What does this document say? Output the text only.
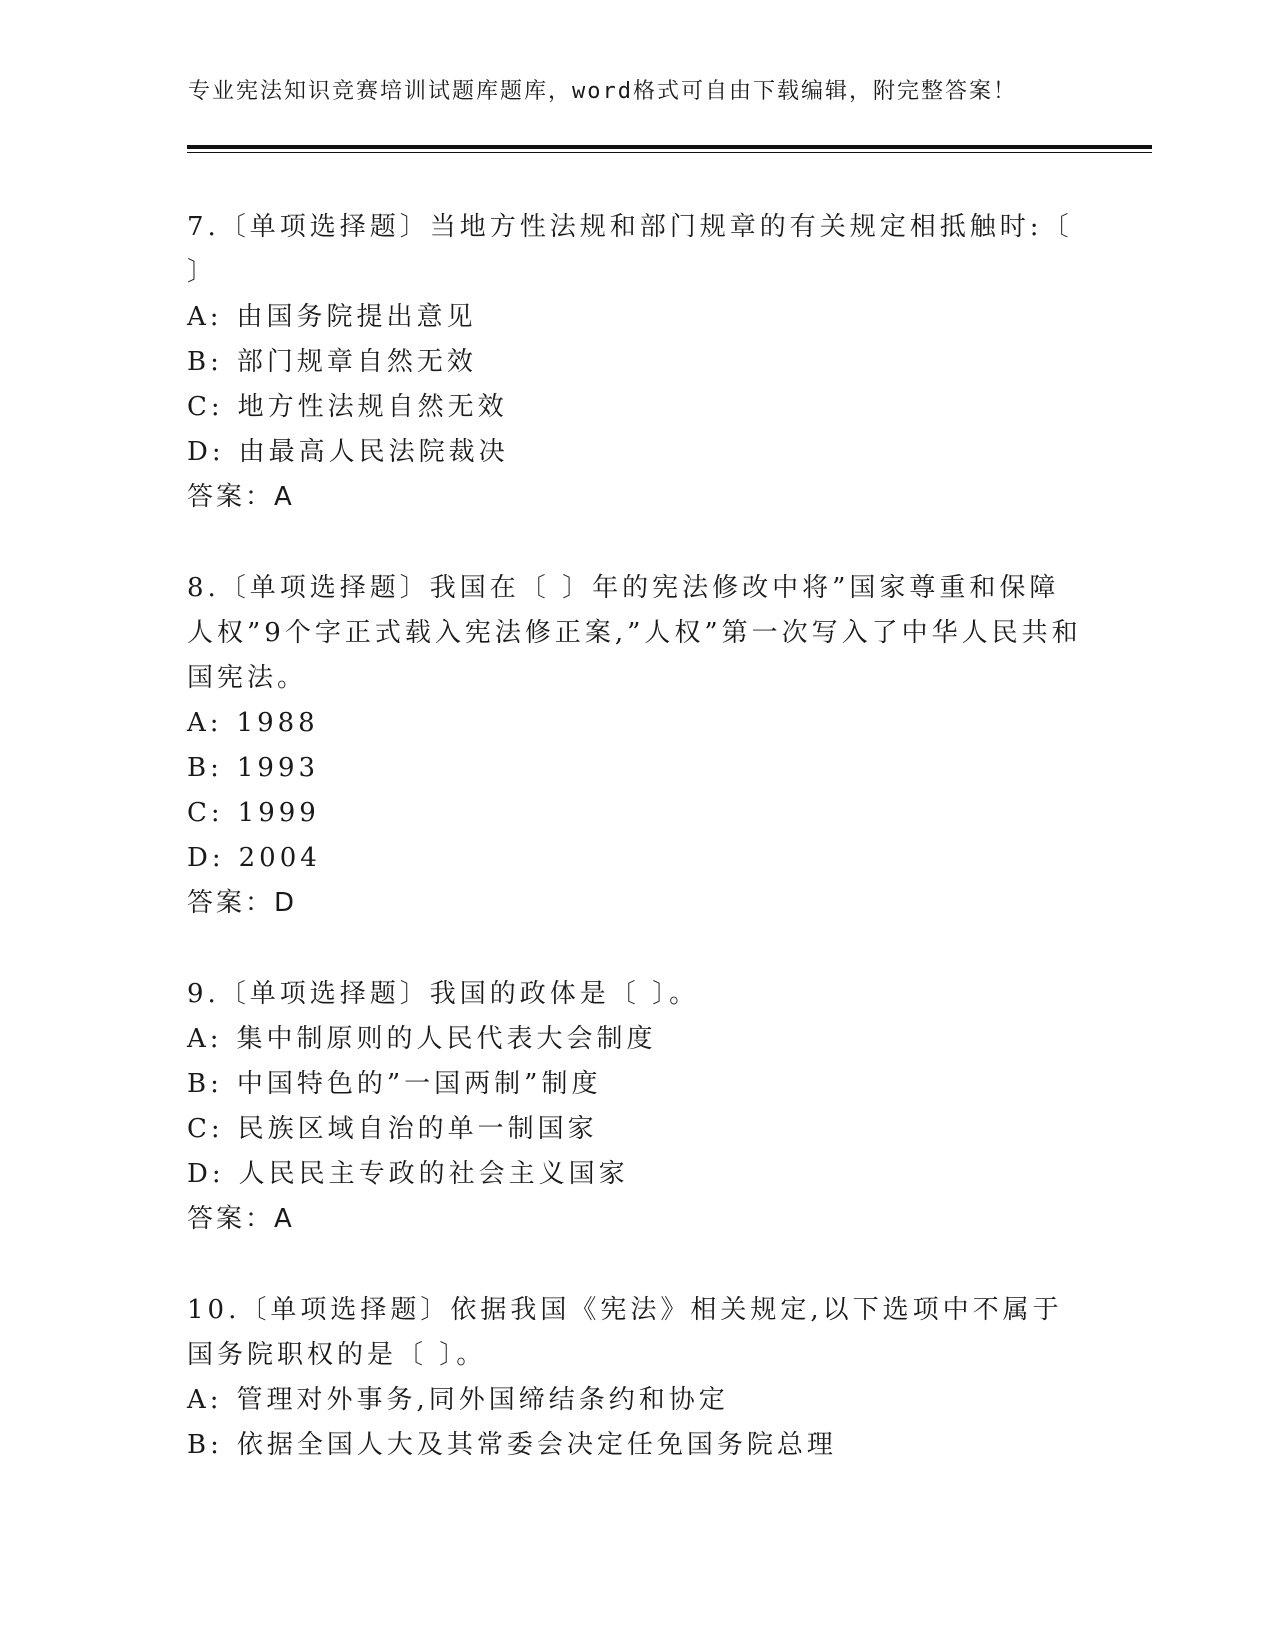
专业宪法知识竞赛培训试题库题库，word格式可自由下载编辑，附完整答案！

7.〔单项选择题〕当地方性法规和部门规章的有关规定相抵触时:〔 〕

A: 由国务院提出意见

B: 部门规章自然无效

C: 地方性法规自然无效

D: 由最高人民法院裁决

答案：A

8.〔单项选择题〕我国在〔 〕年的宪法修改中将”国家尊重和保障人权”9个字正式载入宪法修正案,”人权”第一次写入了中华人民共和国宪法。

A: 1988

B: 1993

C: 1999

D: 2004

答案：D

9.〔单项选择题〕我国的政体是〔 〕。

A: 集中制原则的人民代表大会制度

B: 中国特色的”一国两制”制度

C: 民族区域自治的单一制国家

D: 人民民主专政的社会主义国家

答案：A

10.〔单项选择题〕依据我国《宪法》相关规定,以下选项中不属于国务院职权的是〔 〕。

A: 管理对外事务,同外国缔结条约和协定

B: 依据全国人大及其常委会决定任免国务院总理
